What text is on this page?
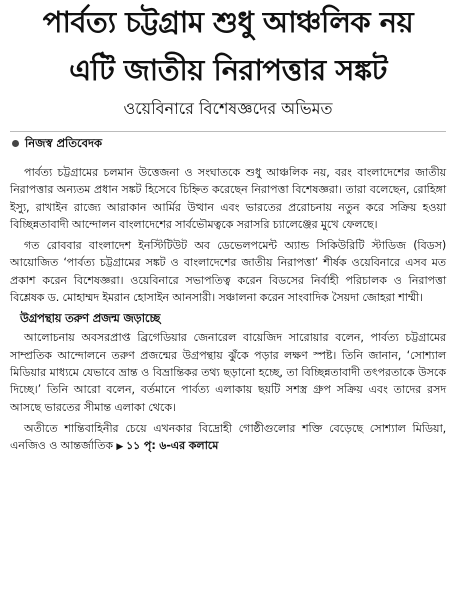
পার্বত্য চট্টগ্রাম শুধু আঞ্চলিক নয়
এটি জাতীয় নিরাপত্তার সঙ্কট
ওয়েবিনারে বিশেষজ্ঞদের অভিমত
নিজস্ব প্রতিবেদক

পার্বত্য চট্টগ্রামের চলমান উত্তেজনা ও সংঘাতকে শুধু আঞ্চলিক নয়, বরং বাংলাদেশের জাতীয় নিরাপত্তার অন্যতম প্রধান সঙ্কট হিসেবে চিহ্নিত করেছেন নিরাপত্তা বিশেষজ্ঞরা। তারা বলেছেন, রোহিঙ্গা ইস্যু, রাখাইন রাজ্যে আরাকান আর্মির উত্থান এবং ভারতের প্ররোচনায় নতুন করে সক্রিয় হওয়া বিচ্ছিন্নতাবাদী আন্দোলন বাংলাদেশের সার্বভৌমত্বকে সরাসরি চ্যালেঞ্জের মুখে ফেলছে।

গত রোববার বাংলাদেশ ইনস্টিটিউট অব ডেভেলপমেন্ট অ্যান্ড সিকিউরিটি স্টাডিজ (বিডস) আয়োজিত ‘পার্বত্য চট্টগ্রামের সঙ্কট ও বাংলাদেশের জাতীয় নিরাপত্তা’ শীর্ষক ওয়েবিনারে এসব মত প্রকাশ করেন বিশেষজ্ঞরা। ওয়েবিনারে সভাপতিত্ব করেন বিডসের নির্বাহী পরিচালক ও নিরাপত্তা বিশ্লেষক ড. মোহাম্মদ ইমরান হোসাইন আনসারী। সঞ্চালনা করেন সাংবাদিক সৈয়দা জোহরা শাম্মী।

উগ্রপন্থায় তরুণ প্রজন্ম জড়াচ্ছে

আলোচনায় অবসরপ্রাপ্ত ব্রিগেডিয়ার জেনারেল বায়েজিদ সারোয়ার বলেন, পার্বত্য চট্টগ্রামের সাম্প্রতিক আন্দোলনে তরুণ প্রজন্মের উগ্রপন্থায় ঝুঁকে পড়ার লক্ষণ স্পষ্ট। তিনি জানান, ‘সোশ্যাল মিডিয়ার মাধ্যমে যেভাবে ভ্রান্ত ও বিভ্রান্তিকর তথ্য ছড়ানো হচ্ছে, তা বিচ্ছিন্নতাবাদী তৎপরতাকে উসকে দিচ্ছে।’ তিনি আরো বলেন, বর্তমানে পার্বত্য এলাকায় ছয়টি সশস্ত্র গ্রুপ সক্রিয় এবং তাদের রসদ আসছে ভারতের সীমান্ত এলাকা থেকে।

অতীতে শান্তিবাহিনীর চেয়ে এখনকার বিদ্রোহী গোষ্ঠীগুলোর শক্তি বেড়েছে সোশ্যাল মিডিয়া, এনজিও ও আন্তর্জাতিক ▶ ১১ পৃ: ৬-এর কলামে
